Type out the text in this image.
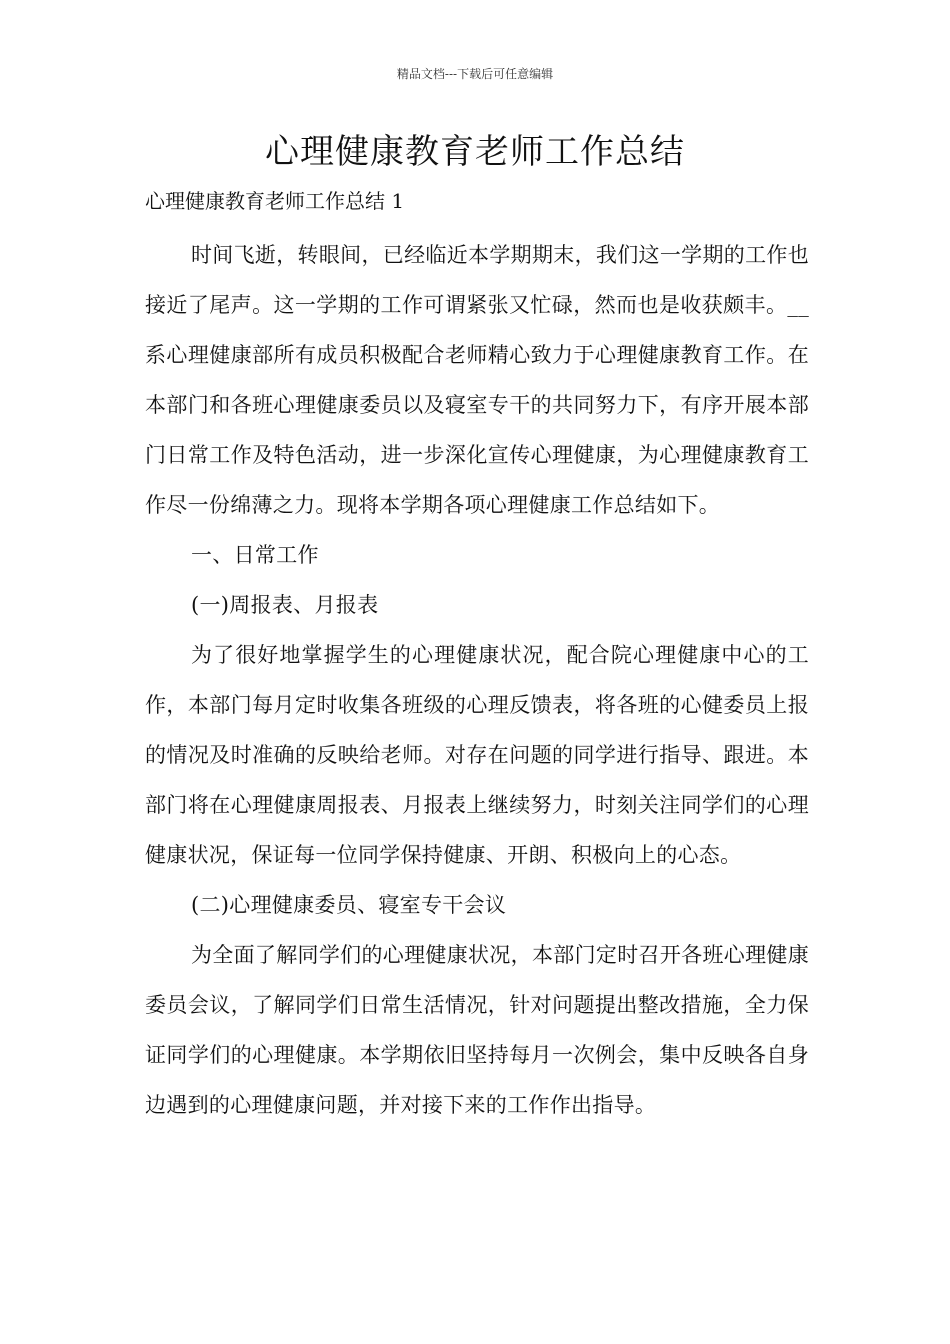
精品文档---下载后可任意编辑
心理健康教育老师工作总结

心理健康教育老师工作总结 1

时间飞逝，转眼间，已经临近本学期期末，我们这一学期的工作也接近了尾声。这一学期的工作可谓紧张又忙碌，然而也是收获颇丰。__系心理健康部所有成员积极配合老师精心致力于心理健康教育工作。在本部门和各班心理健康委员以及寝室专干的共同努力下，有序开展本部门日常工作及特色活动，进一步深化宣传心理健康，为心理健康教育工作尽一份绵薄之力。现将本学期各项心理健康工作总结如下。

一、日常工作

(一)周报表、月报表

为了很好地掌握学生的心理健康状况，配合院心理健康中心的工作，本部门每月定时收集各班级的心理反馈表，将各班的心健委员上报的情况及时准确的反映给老师。对存在问题的同学进行指导、跟进。本部门将在心理健康周报表、月报表上继续努力，时刻关注同学们的心理健康状况，保证每一位同学保持健康、开朗、积极向上的心态。

(二)心理健康委员、寝室专干会议

为全面了解同学们的心理健康状况，本部门定时召开各班心理健康委员会议，了解同学们日常生活情况，针对问题提出整改措施，全力保证同学们的心理健康。本学期依旧坚持每月一次例会，集中反映各自身边遇到的心理健康问题，并对接下来的工作作出指导。
